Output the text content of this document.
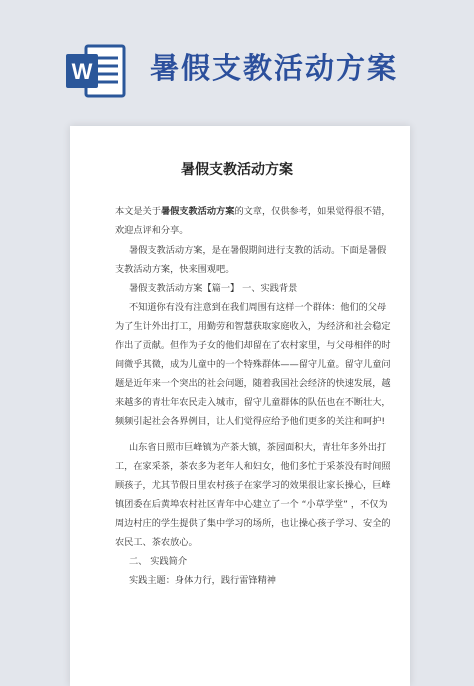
W 暑假支教活动方案
暑假支教活动方案
本文是关于暑假支教活动方案的文章，仅供参考，如果觉得很不错，
欢迎点评和分享。
暑假支教活动方案，是在暑假期间进行支教的活动。下面是暑假
支教活动方案，快来围观吧。
暑假支教活动方案【篇一】 一、实践背景
不知道你有没有注意到在我们周围有这样一个群体：他们的父母
为了生计外出打工，用勤劳和智慧获取家庭收入，为经济和社会稳定
作出了贡献。但作为子女的他们却留在了农村家里，与父母相伴的时
间微乎其微，成为儿童中的一个特殊群体——留守儿童。留守儿童问
题是近年来一个突出的社会问题，随着我国社会经济的快速发展，越
来越多的青壮年农民走入城市，留守儿童群体的队伍也在不断壮大，
频频引起社会各界例目，让人们觉得应给予他们更多的关注和呵护!
山东省日照市巨峰镇为产茶大镇，茶园面积大，青壮年多外出打
工，在家采茶，茶农多为老年人和妇女，他们多忙于采茶没有时间照
顾孩子，尤其节假日里农村孩子在家学习的效果很让家长操心，巨峰
镇团委在后黄埠农村社区青年中心建立了一个 “小草学堂” ，不仅为
周边村庄的学生提供了集中学习的场所，也让操心孩子学习、安全的
农民工、茶农放心。
二、 实践简介
实践主题：身体力行，践行雷锋精神
